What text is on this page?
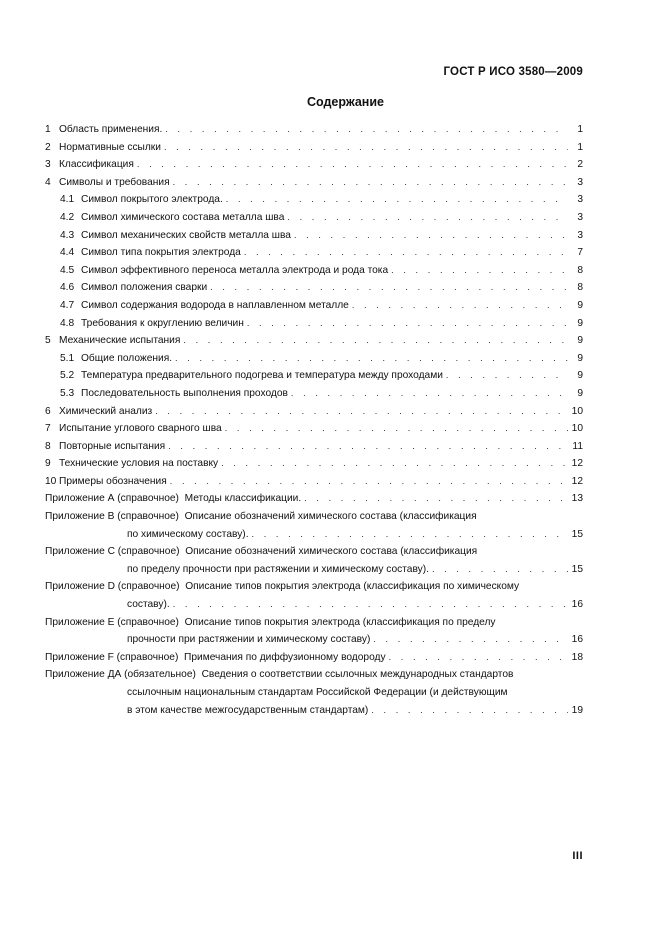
ГОСТ Р ИСО 3580—2009
Содержание
1 Область применения. . . .	1
2 Нормативные ссылки . . .	1
3 Классификация . . .	2
4 Символы и требования . . .	3
4.1 Символ покрытого электрода. . . .	3
4.2 Символ химического состава металла шва . . .	3
4.3 Символ механических свойств металла шва . . .	3
4.4 Символ типа покрытия электрода . . .	7
4.5 Символ эффективного переноса металла электрода и рода тока . . .	8
4.6 Символ положения сварки . . .	8
4.7 Символ содержания водорода в наплавленном металле . . .	9
4.8 Требования к округлению величин . . .	9
5 Механические испытания . . .	9
5.1 Общие положения. . . .	9
5.2 Температура предварительного подогрева и температура между проходами . . .	9
5.3 Последовательность выполнения проходов . . .	9
6 Химический анализ . . .	10
7 Испытание углового сварного шва . . .	10
8 Повторные испытания . . .	11
9 Технические условия на поставку . . .	12
10 Примеры обозначения . . .	12
Приложение А (справочное) Методы классификации. . . .	13
Приложение В (справочное) Описание обозначений химического состава (классификация
по химическому составу). . . .	15
Приложение С (справочное) Описание обозначений химического состава (классификация
по пределу прочности при растяжении и химическому составу). . . .	15
Приложение D (справочное) Описание типов покрытия электрода (классификация по химическому
составу). . . .	16
Приложение Е (справочное) Описание типов покрытия электрода (классификация по пределу
прочности при растяжении и химическому составу) . . .	16
Приложение F (справочное) Примечания по диффузионному водороду . . .	18
Приложение ДА (обязательное) Сведения о соответствии ссылочных международных стандартов
ссылочным национальным стандартам Российской Федерации (и действующим
в этом качестве межгосударственным стандартам) . . .	19
III
